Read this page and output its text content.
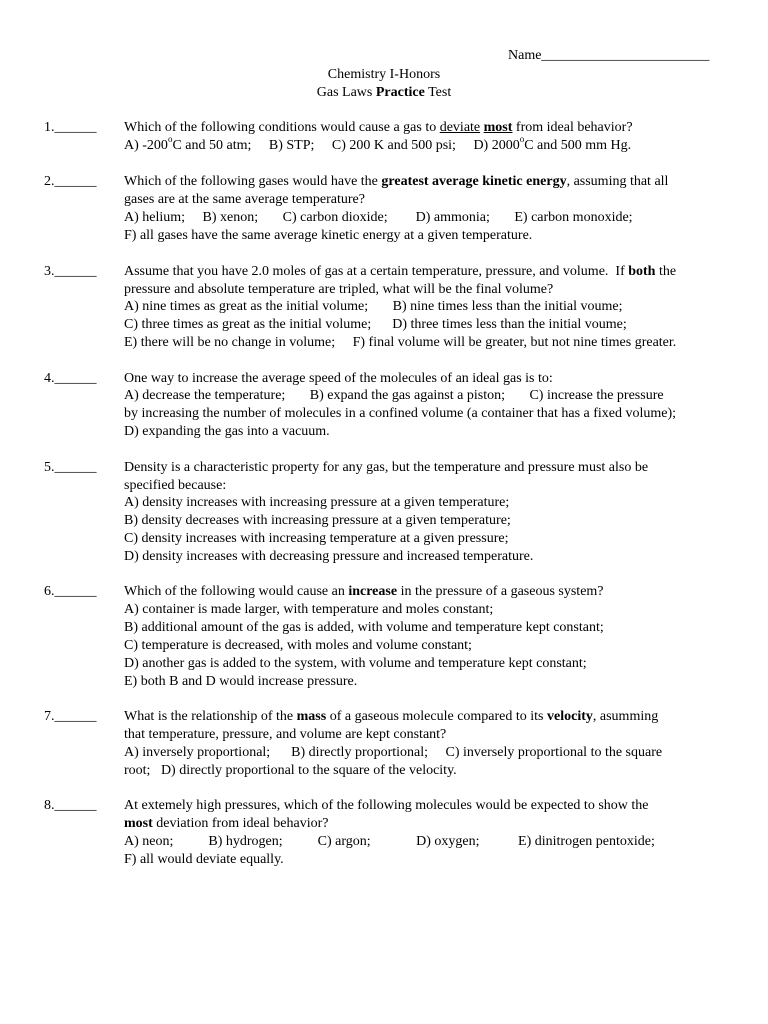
Name________________________
Chemistry I-Honors
Gas Laws Practice Test
1.______ Which of the following conditions would cause a gas to deviate most from ideal behavior?
A) -200$^o$C and 50 atm;     B) STP;     C) 200 K and 500 psi;     D) 2000$^o$C and 500 mm Hg.
2.______ Which of the following gases would have the greatest average kinetic energy, assuming that all
gases are at the same average temperature?
A) helium;     B) xenon;       C) carbon dioxide;        D) ammonia;       E) carbon monoxide;
F) all gases have the same average kinetic energy at a given temperature.
3.______ Assume that you have 2.0 moles of gas at a certain temperature, pressure, and volume.  If both the
pressure and absolute temperature are tripled, what will be the final volume?
A) nine times as great as the initial volume;       B) nine times less than the initial voume;
C) three times as great as the initial volume;      D) three times less than the initial voume;
E) there will be no change in volume;     F) final volume will be greater, but not nine times greater.
4.______ One way to increase the average speed of the molecules of an ideal gas is to:
A) decrease the temperature;       B) expand the gas against a piston;       C) increase the pressure
by increasing the number of molecules in a confined volume (a container that has a fixed volume);
D) expanding the gas into a vacuum.
5.______ Density is a characteristic property for any gas, but the temperature and pressure must also be
specified because:
A) density increases with increasing pressure at a given temperature;
B) density decreases with increasing pressure at a given temperature;
C) density increases with increasing temperature at a given pressure;
D) density increases with decreasing pressure and increased temperature.
6.______ Which of the following would cause an increase in the pressure of a gaseous system?
A) container is made larger, with temperature and moles constant;
B) additional amount of the gas is added, with volume and temperature kept constant;
C) temperature is decreased, with moles and volume constant;
D) another gas is added to the system, with volume and temperature kept constant;
E) both B and D would increase pressure.
7.______ What is the relationship of the mass of a gaseous molecule compared to its velocity, asumming
that temperature, pressure, and volume are kept constant?
A) inversely proportional;      B) directly proportional;     C) inversely proportional to the square
root;   D) directly proportional to the square of the velocity.
8.______ At extemely high pressures, which of the following molecules would be expected to show the
most deviation from ideal behavior?
A) neon;          B) hydrogen;          C) argon;             D) oxygen;           E) dinitrogen pentoxide;
F) all would deviate equally.
